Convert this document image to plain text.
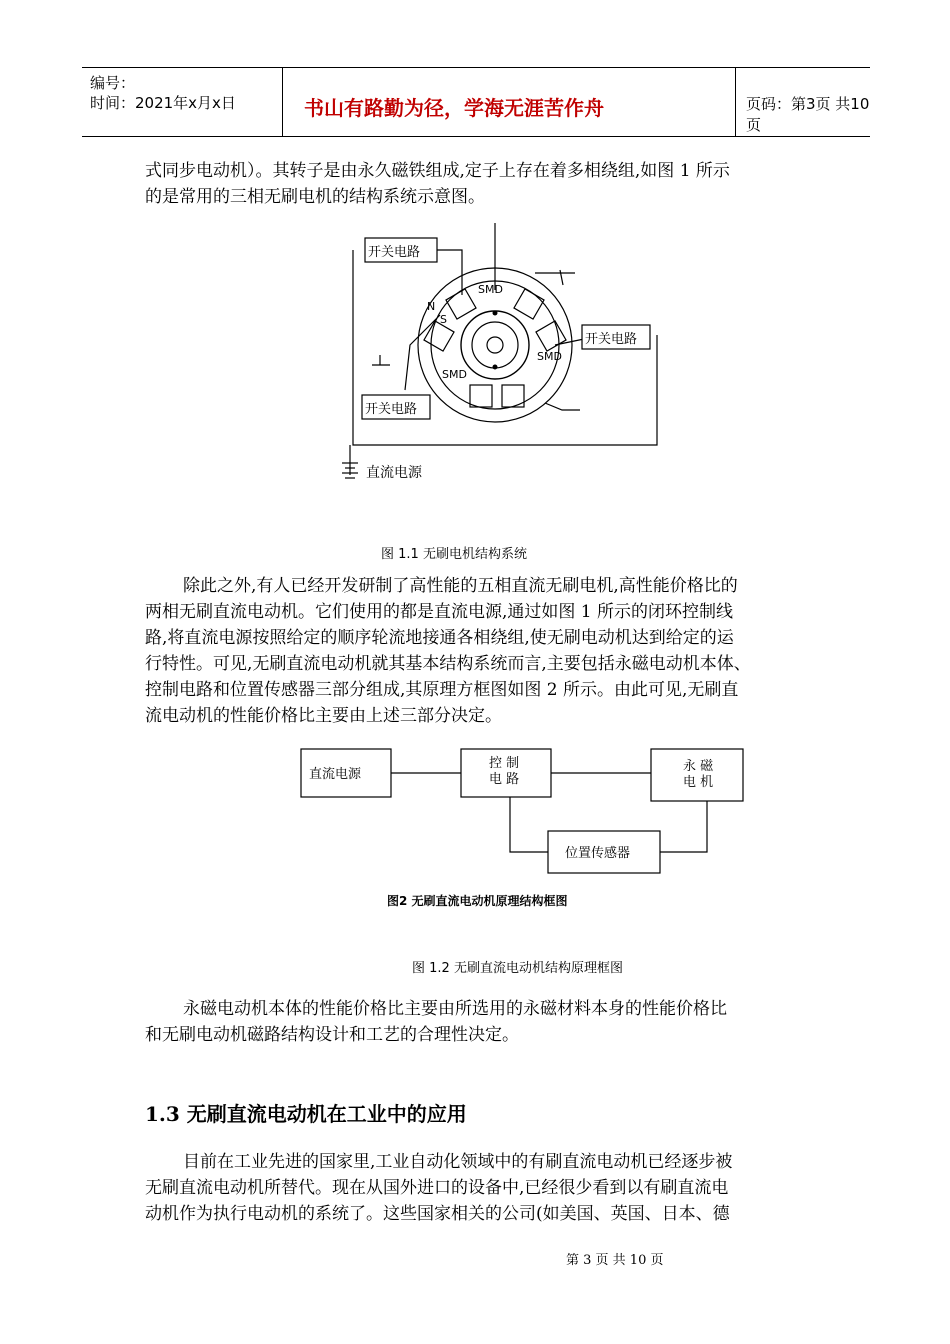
编号：
时间：2021年x月x日	书山有路勤为径，学海无涯苦作舟	页码：第3页 共10页
式同步电动机）。其转子是由永久磁铁组成,定子上存在着多相绕组,如图 1 所示
的是常用的三相无刷电机的结构系统示意图。
开关电路
开关电路
开关电路
SMD
SMD
SMD
N
S
直流电源
图 1.1 无刷电机结构系统
除此之外,有人已经开发研制了高性能的五相直流无刷电机,高性能价格比的
两相无刷直流电动机。它们使用的都是直流电源,通过如图 1 所示的闭环控制线
路,将直流电源按照给定的顺序轮流地接通各相绕组,使无刷电动机达到给定的运
行特性。可见,无刷直流电动机就其基本结构系统而言,主要包括永磁电动机本体、
控制电路和位置传感器三部分组成,其原理方框图如图 2 所示。由此可见,无刷直
流电动机的性能价格比主要由上述三部分决定。
直流电源
控 制
电 路
永 磁
电 机
位置传感器
图2 无刷直流电动机原理结构框图
图 1.2 无刷直流电动机结构原理框图
永磁电动机本体的性能价格比主要由所选用的永磁材料本身的性能价格比
和无刷电动机磁路结构设计和工艺的合理性决定。
1.3 无刷直流电动机在工业中的应用
目前在工业先进的国家里,工业自动化领域中的有刷直流电动机已经逐步被
无刷直流电动机所替代。现在从国外进口的设备中,已经很少看到以有刷直流电
动机作为执行电动机的系统了。这些国家相关的公司(如美国、英国、日本、德
第 3 页 共 10 页
